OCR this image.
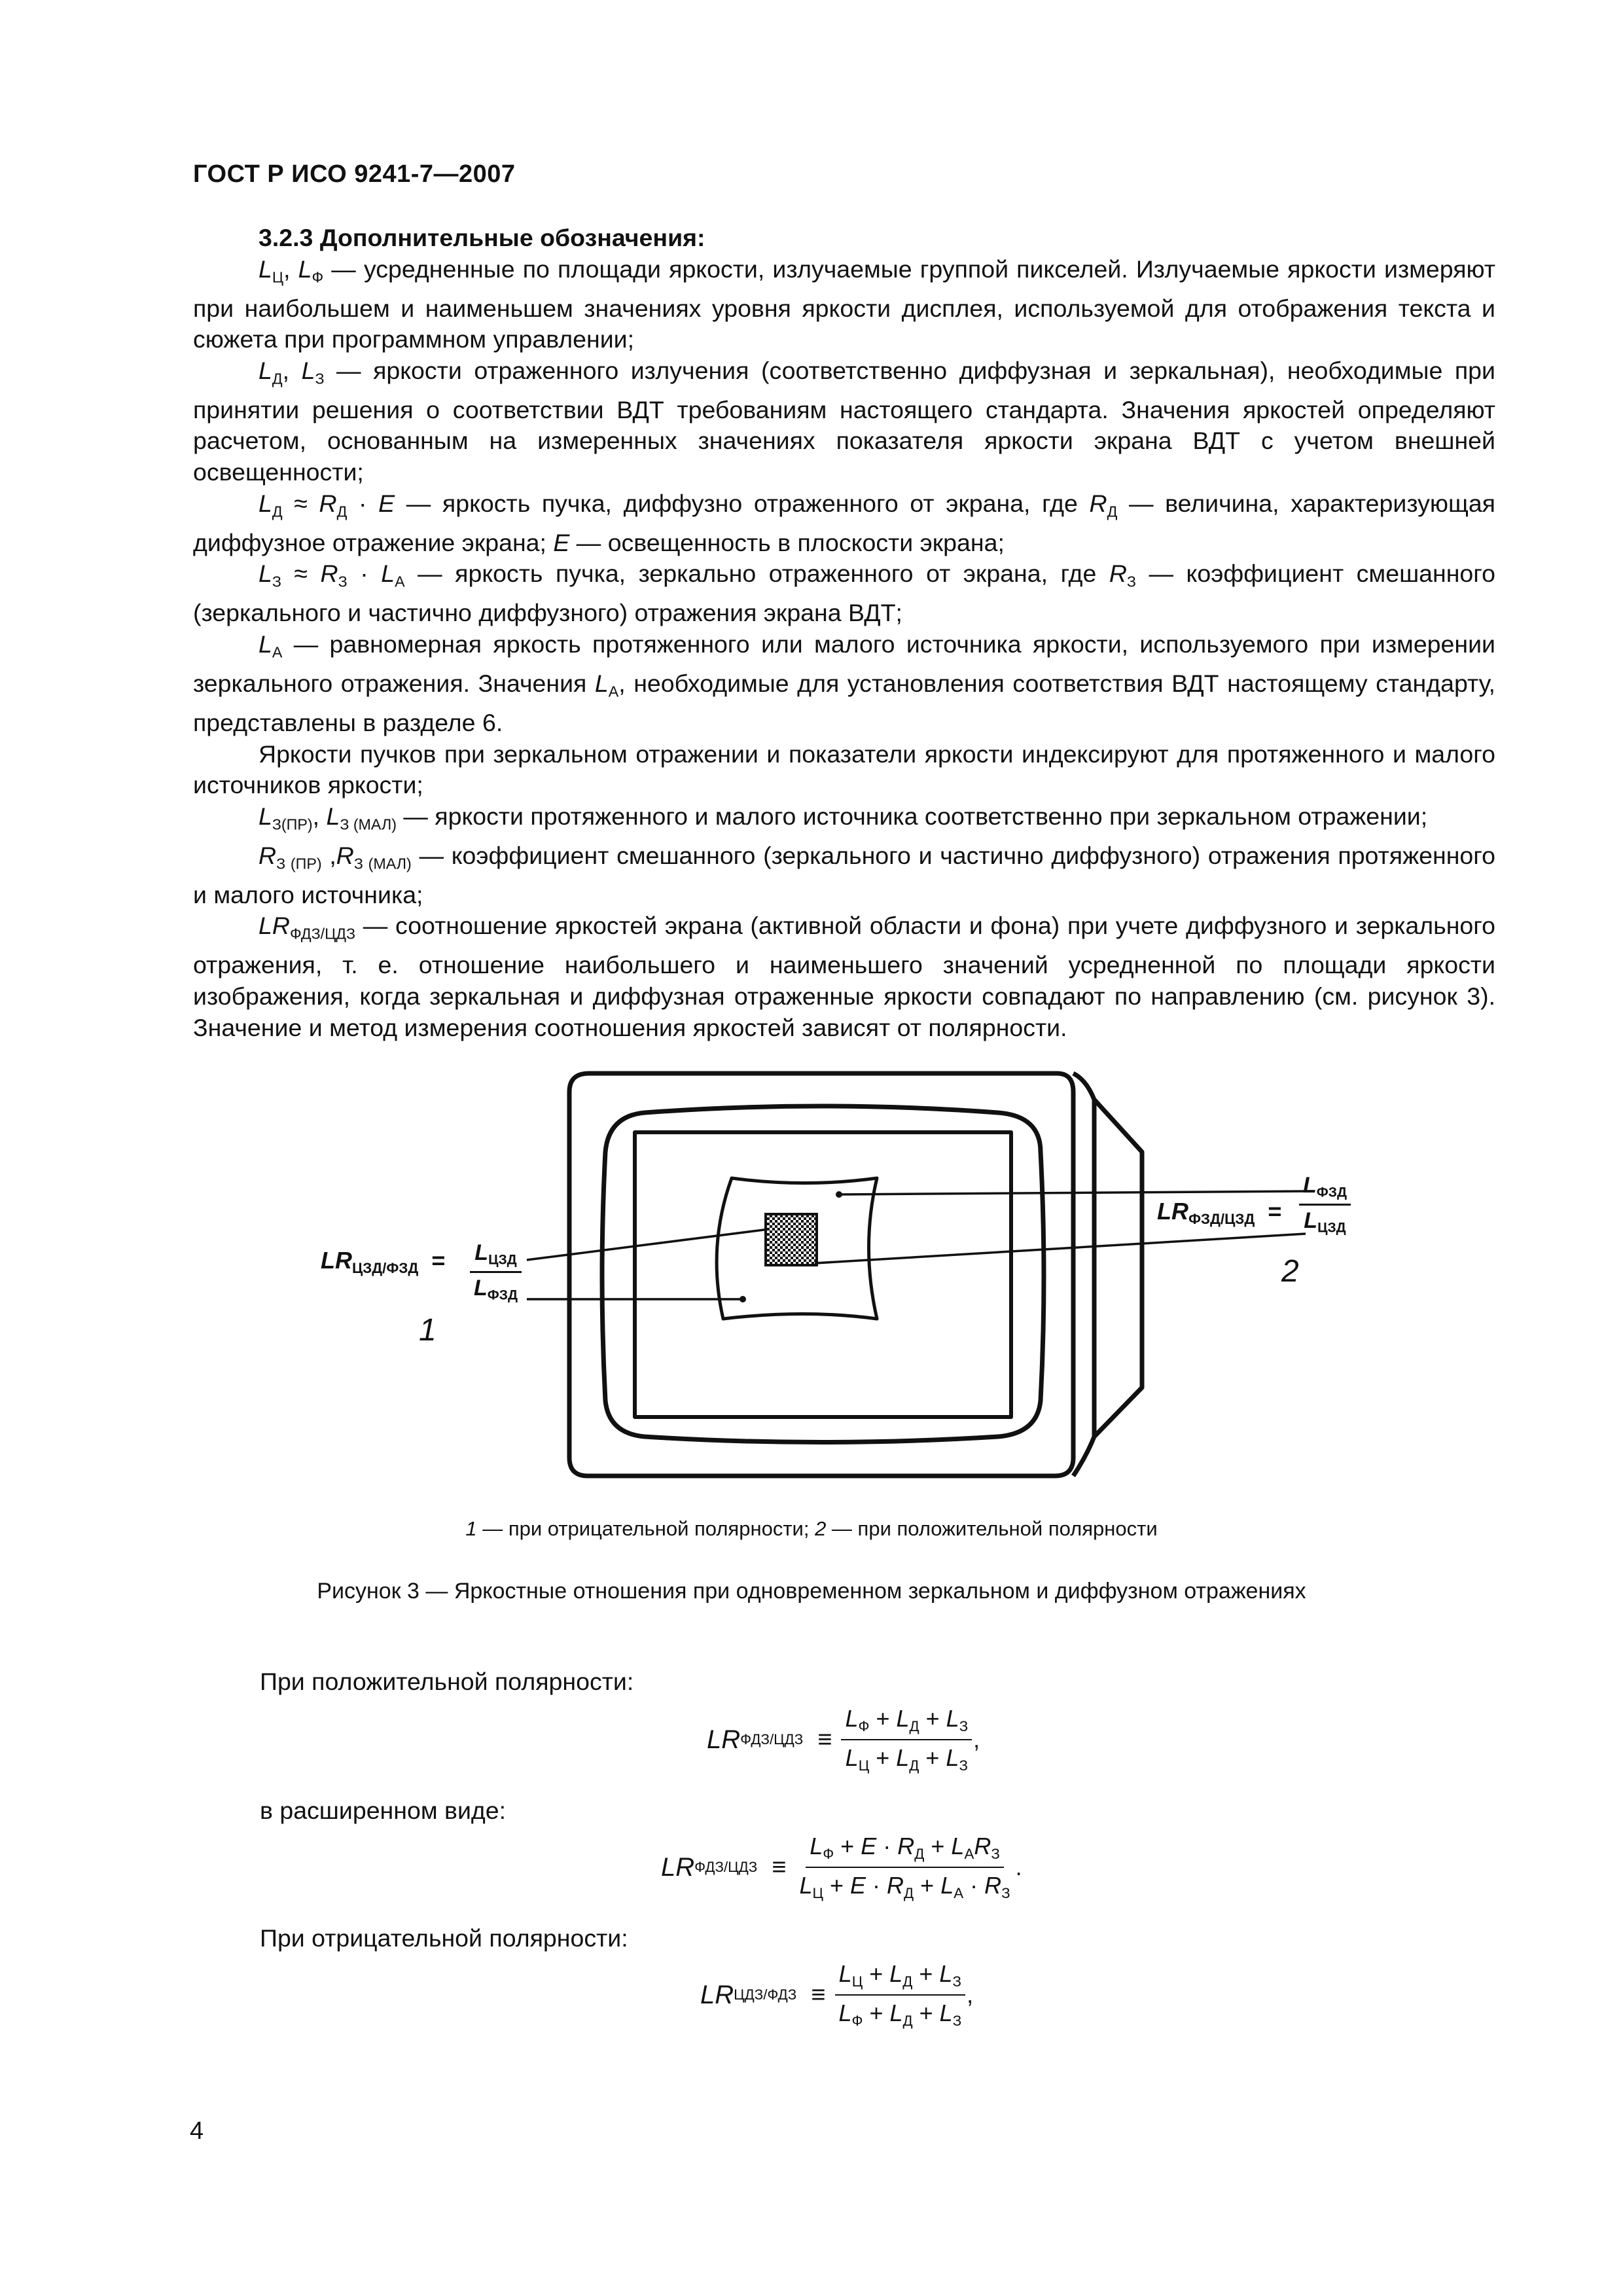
ГОСТ Р ИСО 9241-7—2007

3.2.3 Дополнительные обозначения:

$L_Ц$, $L_Ф$ — усредненные по площади яркости, излучаемые группой пикселей. Излучаемые яркости измеряют при наибольшем и наименьшем значениях уровня яркости дисплея, используемой для отображения текста и сюжета при программном управлении;

$L_Д$, $L_З$ — яркости отраженного излучения (соответственно диффузная и зеркальная), необходимые при принятии решения о соответствии ВДТ требованиям настоящего стандарта. Значения яркостей определяют расчетом, основанным на измеренных значениях показателя яркости экрана ВДТ с учетом внешней освещенности;

$L_Д \approx R_Д \cdot E$ — яркость пучка, диффузно отраженного от экрана, где $R_Д$ — величина, характеризующая диффузное отражение экрана; E — освещенность в плоскости экрана;

$L_З \approx R_З \cdot L_A$ — яркость пучка, зеркально отраженного от экрана, где $R_З$ — коэффициент смешанного (зеркального и частично диффузного) отражения экрана ВДТ;

$L_A$ — равномерная яркость протяженного или малого источника яркости, используемого при измерении зеркального отражения. Значения $L_A$, необходимые для установления соответствия ВДТ настоящему стандарту, представлены в разделе 6.

Яркости пучков при зеркальном отражении и показатели яркости индексируют для протяженного и малого источников яркости;

$L_{З(ПР)}$, $L_{З (МАЛ)}$ — яркости протяженного и малого источника соответственно при зеркальном отражении;

$R_{З (ПР)}$ $,R_{З (МАЛ)}$ — коэффициент смешанного (зеркального и частично диффузного) отражения протяженного и малого источника;

$LR_{ФДЗ/ЦДЗ}$ — соотношение яркостей экрана (активной области и фона) при учете диффузного и зеркального отражения, т. е. отношение наибольшего и наименьшего значений усредненной по площади яркости изображения, когда зеркальная и диффузная отраженные яркости совпадают по направлению (см. рисунок 3). Значение и метод измерения соотношения яркостей зависят от полярности.

$LR_{ЦЗД/ФЗД} = L_{ЦЗД}$
$L_{ФЗД}$
1
$LR_{ФЗД/ЦЗД}$ =
$L_{ФЗД}$
$L_{ЦЗД}$
2
1 — при отрицательной полярности; 2 — при положительной полярности
Рисунок 3 — Яркостные отношения при одновременном зеркальном и диффузном отражениях
При положительной полярности:
LR $ФДЗ/ЦДЗ \equiv \frac{L_Ф + L_Д + L_З}{L_Ц + L_Д + L_З}$ ,
в расширенном виде:
LR $ФДЗ/ЦДЗ \equiv \frac{L_Ф + E \cdot R_Д + L_AR_З}{L_Ц + E \cdot R_Д + L_A \cdot R_З}$ .
При отрицательной полярности:
LR $ЦДЗ/ФДЗ \equiv \frac{L_Ц + L_Д + L_З}{L_Ф + L_Д + L_З}$ ,
4
